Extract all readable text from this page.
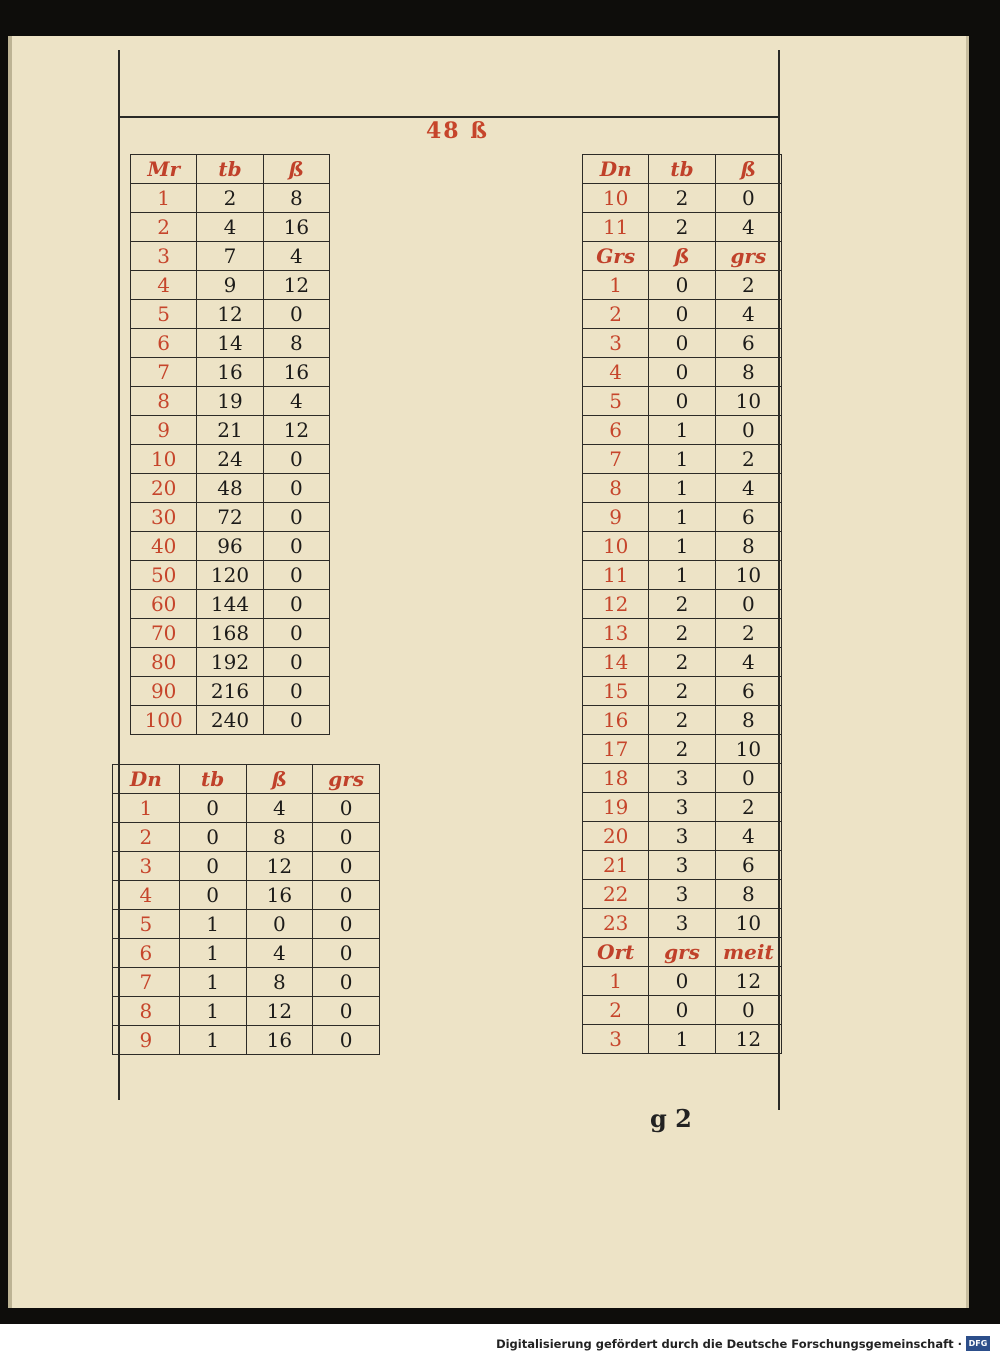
48 ß
Mr	tb	ß
1	2	8
2	4	16
3	7	4
4	9	12
5	12	0
6	14	8
7	16	16
8	19	4
9	21	12
10	24	0
20	48	0
30	72	0
40	96	0
50	120	0
60	144	0
70	168	0
80	192	0
90	216	0
100	240	0
Dn	tb	ß	grs
1	0	4	0
2	0	8	0
3	0	12	0
4	0	16	0
5	1	0	0
6	1	4	0
7	1	8	0
8	1	12	0
9	1	16	0
Dn	tb	ß
10	2	0
11	2	4
Grs	ß	grs
1	0	2
2	0	4
3	0	6
4	0	8
5	0	10
6	1	0
7	1	2
8	1	4
9	1	6
10	1	8
11	1	10
12	2	0
13	2	2
14	2	4
15	2	6
16	2	8
17	2	10
18	3	0
19	3	2
20	3	4
21	3	6
22	3	8
23	3	10
Ort	grs	meit
1	0	12
2	0	0
3	1	12
g 2
Digitalisierung gefördert durch die Deutsche Forschungsgemeinschaft · DFG
